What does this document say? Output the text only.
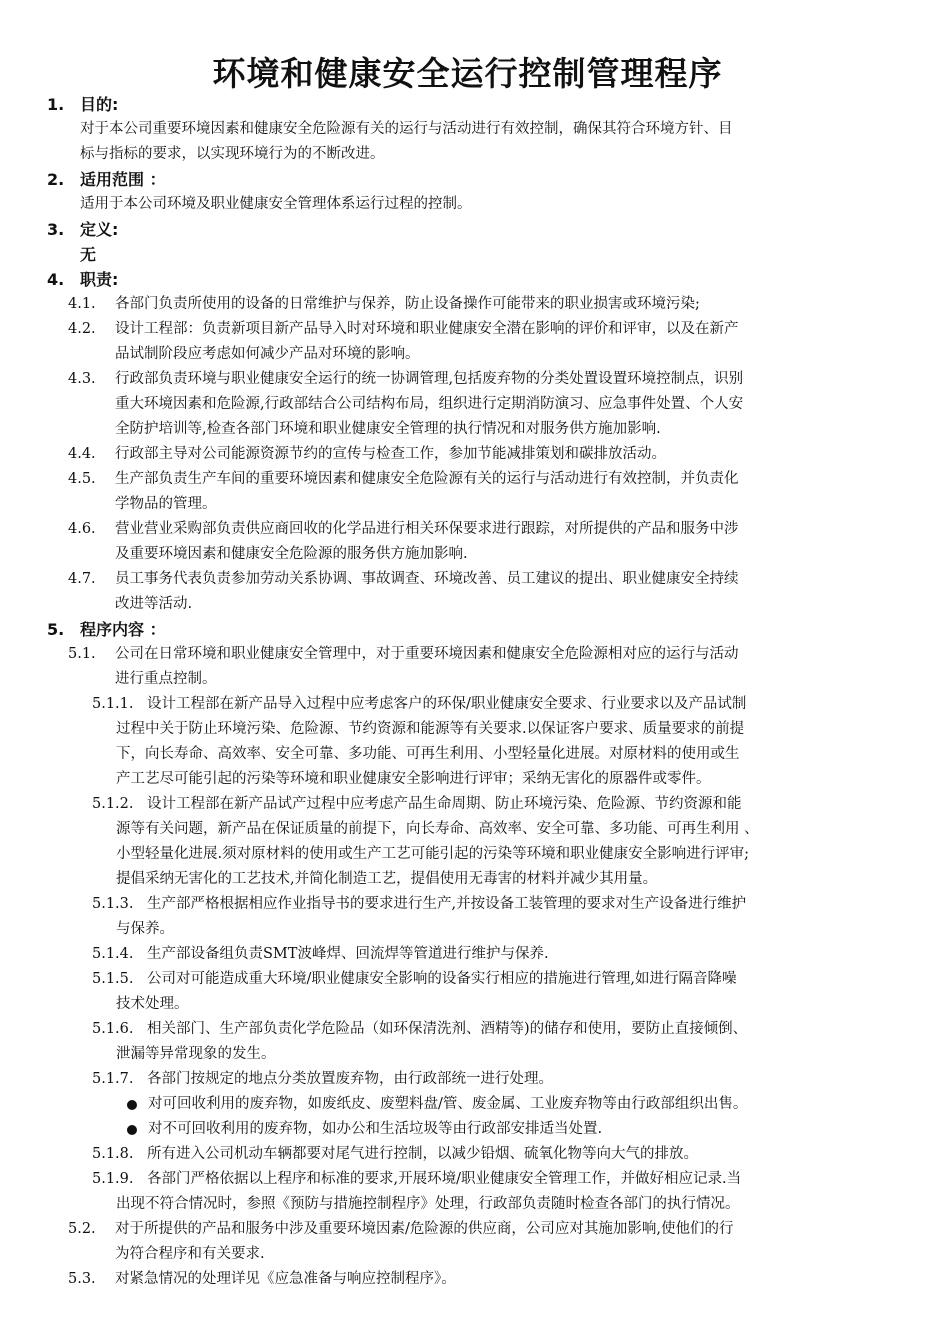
环境和健康安全运行控制管理程序
1. 目的:
对于本公司重要环境因素和健康安全危险源有关的运行与活动进行有效控制，确保其符合环境方针、目
标与指标的要求，以实现环境行为的不断改进。
2. 适用范围 ：
适用于本公司环境及职业健康安全管理体系运行过程的控制。
3. 定义:
无
4. 职责:
4.1. 各部门负责所使用的设备的日常维护与保养，防止设备操作可能带来的职业损害或环境污染;
4.2. 设计工程部：负责新项目新产品导入时对环境和职业健康安全潜在影响的评价和评审，以及在新产
品试制阶段应考虑如何减少产品对环境的影响。
4.3. 行政部负责环境与职业健康安全运行的统一协调管理,包括废弃物的分类处置设置环境控制点，识别
重大环境因素和危险源,行政部结合公司结构布局，组织进行定期消防演习、应急事件处置、个人安
全防护培训等,检查各部门环境和职业健康安全管理的执行情况和对服务供方施加影响.
4.4. 行政部主导对公司能源资源节约的宣传与检查工作，参加节能减排策划和碳排放活动。
4.5. 生产部负责生产车间的重要环境因素和健康安全危险源有关的运行与活动进行有效控制，并负责化
学物品的管理。
4.6. 营业营业采购部负责供应商回收的化学品进行相关环保要求进行跟踪，对所提供的产品和服务中涉
及重要环境因素和健康安全危险源的服务供方施加影响.
4.7. 员工事务代表负责参加劳动关系协调、事故调查、环境改善、员工建议的提出、职业健康安全持续
改进等活动.
5. 程序内容 ：
5.1. 公司在日常环境和职业健康安全管理中，对于重要环境因素和健康安全危险源相对应的运行与活动
进行重点控制。
5.1.1. 设计工程部在新产品导入过程中应考虑客户的环保/职业健康安全要求、行业要求以及产品试制
过程中关于防止环境污染、危险源、节约资源和能源等有关要求.以保证客户要求、质量要求的前提
下，向长寿命、高效率、安全可靠、多功能、可再生利用、小型轻量化进展。对原材料的使用或生
产工艺尽可能引起的污染等环境和职业健康安全影响进行评审；采纳无害化的原器件或零件。
5.1.2. 设计工程部在新产品试产过程中应考虑产品生命周期、防止环境污染、危险源、节约资源和能
源等有关问题，新产品在保证质量的前提下，向长寿命、高效率、安全可靠、多功能、可再生利用 、
小型轻量化进展.须对原材料的使用或生产工艺可能引起的污染等环境和职业健康安全影响进行评审;
提倡采纳无害化的工艺技术,并简化制造工艺，提倡使用无毒害的材料并减少其用量。
5.1.3. 生产部严格根据相应作业指导书的要求进行生产,并按设备工装管理的要求对生产设备进行维护
与保养。
5.1.4. 生产部设备组负责SMT波峰焊、回流焊等管道进行维护与保养.
5.1.5. 公司对可能造成重大环境/职业健康安全影响的设备实行相应的措施进行管理,如进行隔音降噪
技术处理。
5.1.6. 相关部门、生产部负责化学危险品（如环保清洗剂、酒精等)的储存和使用，要防止直接倾倒、
泄漏等异常现象的发生。
5.1.7. 各部门按规定的地点分类放置废弃物，由行政部统一进行处理。
对可回收利用的废弃物，如废纸皮、废塑料盘/管、废金属、工业废弃物等由行政部组织出售。
对不可回收利用的废弃物，如办公和生活垃圾等由行政部安排适当处置.
5.1.8. 所有进入公司机动车辆都要对尾气进行控制，以减少铅烟、硫氧化物等向大气的排放。
5.1.9. 各部门严格依据以上程序和标准的要求,开展环境/职业健康安全管理工作，并做好相应记录.当
出现不符合情况时，参照《预防与措施控制程序》处理，行政部负责随时检查各部门的执行情况。
5.2. 对于所提供的产品和服务中涉及重要环境因素/危险源的供应商，公司应对其施加影响,使他们的行
为符合程序和有关要求.
5.3. 对紧急情况的处理详见《应急准备与响应控制程序》。
